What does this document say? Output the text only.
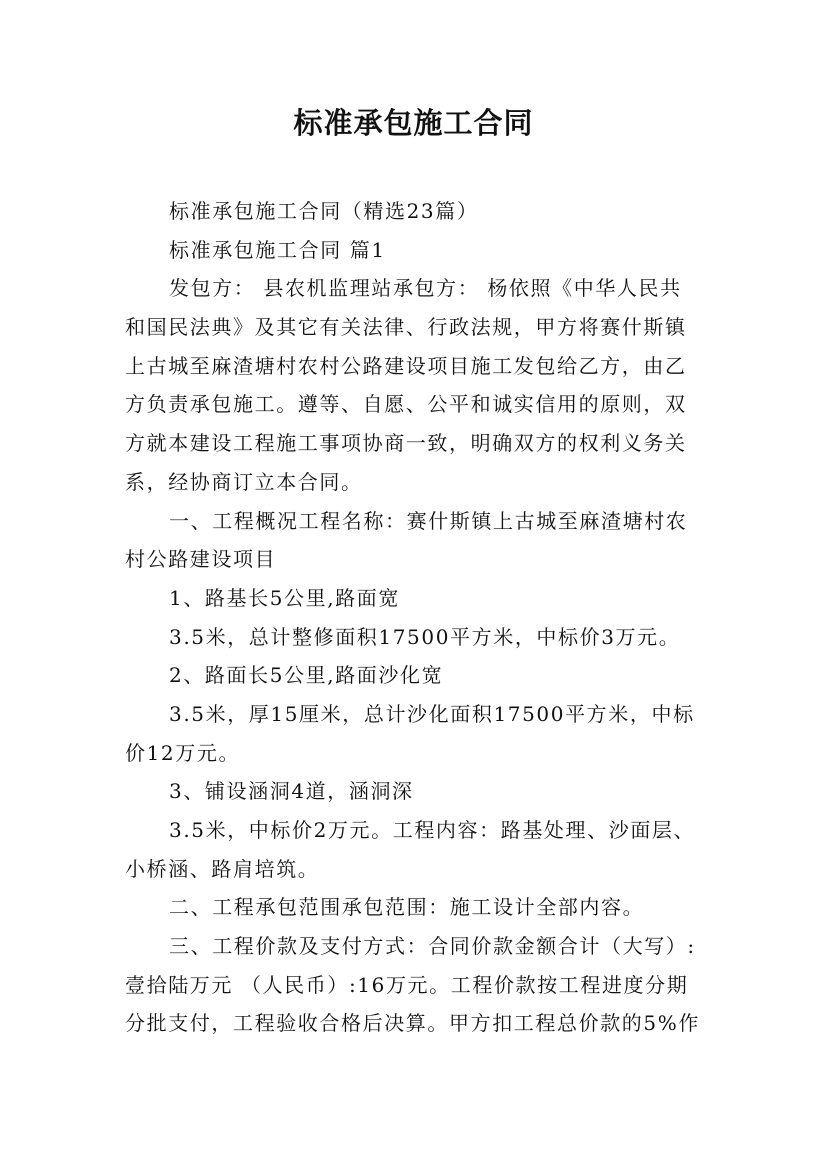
标准承包施工合同

标准承包施工合同（精选23篇）

标准承包施工合同 篇1

发包方： 县农机监理站承包方： 杨依照《中华人民共

和国民法典》及其它有关法律、行政法规，甲方将赛什斯镇

上古城至麻渣塘村农村公路建设项目施工发包给乙方，由乙

方负责承包施工。遵等、自愿、公平和诚实信用的原则，双

方就本建设工程施工事项协商一致，明确双方的权利义务关

系，经协商订立本合同。

一、工程概况工程名称：赛什斯镇上古城至麻渣塘村农

村公路建设项目

1、路基长5公里,路面宽

3.5米，总计整修面积17500平方米，中标价3万元。

2、路面长5公里,路面沙化宽

3.5米，厚15厘米，总计沙化面积17500平方米，中标

价12万元。

3、铺设涵洞4道，涵洞深

3.5米，中标价2万元。工程内容：路基处理、沙面层、

小桥涵、路肩培筑。

二、工程承包范围承包范围：施工设计全部内容。

三、工程价款及支付方式：合同价款金额合计（大写）:

壹拾陆万元 （人民币）:16万元。工程价款按工程进度分期

分批支付，工程验收合格后决算。甲方扣工程总价款的5%作
